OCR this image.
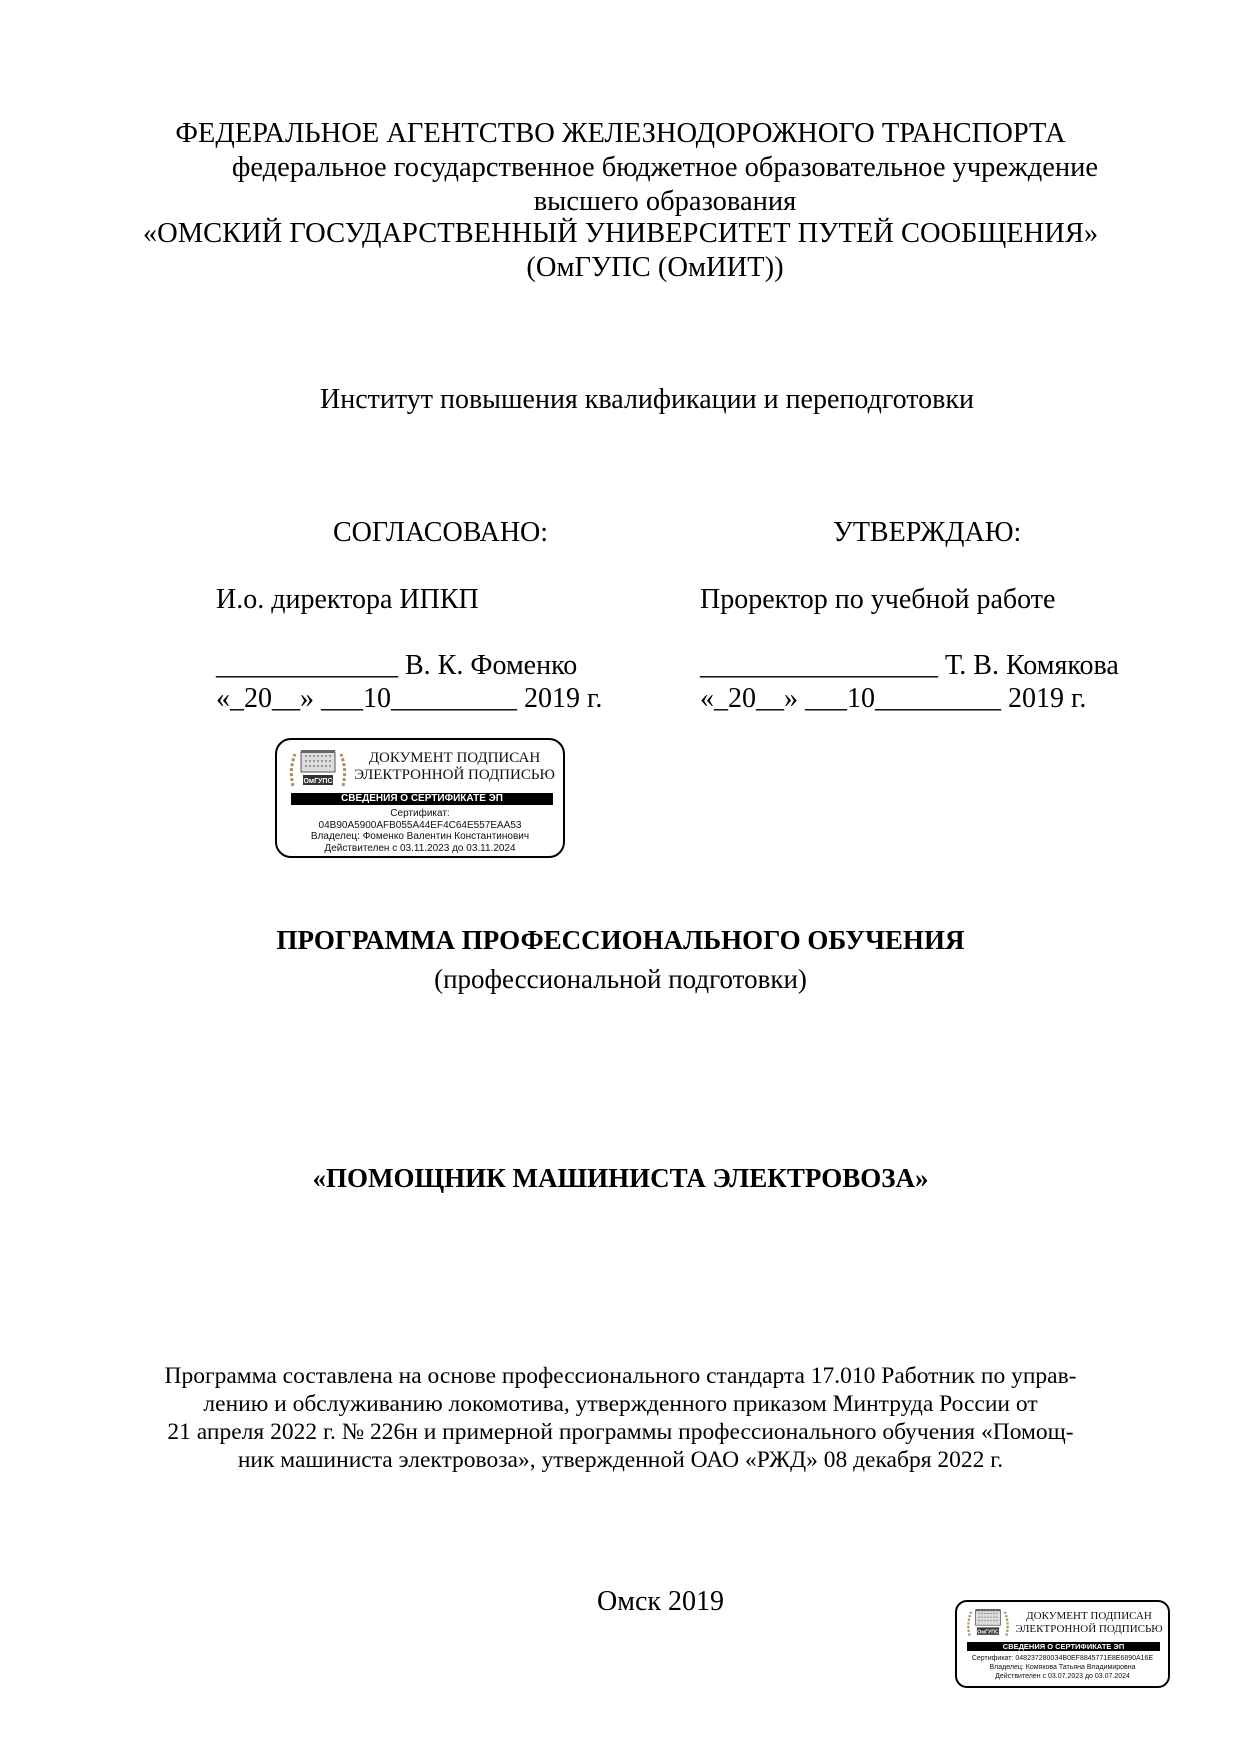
ФЕДЕРАЛЬНОЕ АГЕНТСТВО ЖЕЛЕЗНОДОРОЖНОГО ТРАНСПОРТА
федеральное государственное бюджетное образовательное учреждение
высшего образования
«ОМСКИЙ ГОСУДАРСТВЕННЫЙ УНИВЕРСИТЕТ ПУТЕЙ СООБЩЕНИЯ»
(ОмГУПС (ОмИИТ))
Институт повышения квалификации и переподготовки
СОГЛАСОВАНО:
И.о. директора ИПКП
_____________ В. К. Фоменко
«_20__» ___10_________ 2019 г.
УТВЕРЖДАЮ:
Проректор по учебной работе
_________________ Т. В. Комякова
«_20__» ___10_________ 2019 г.
ОмГУПС
ДОКУМЕНТ ПОДПИСАН
ЭЛЕКТРОННОЙ ПОДПИСЬЮ
СВЕДЕНИЯ О СЕРТИФИКАТЕ ЭП
Сертификат:
04B90A5900AFB055A44EF4C64E557EAA53
Владелец: Фоменко Валентин Константинович
Действителен с 03.11.2023 до 03.11.2024
ПРОГРАММА ПРОФЕССИОНАЛЬНОГО ОБУЧЕНИЯ
(профессиональной подготовки)
«ПОМОЩНИК МАШИНИСТА ЭЛЕКТРОВОЗА»
Программа составлена на основе профессионального стандарта 17.010 Работник по управ-
лению и обслуживанию локомотива, утвержденного приказом Минтруда России от
21 апреля 2022 г. № 226н и примерной программы профессионального обучения «Помощ-
ник машиниста электровоза», утвержденной ОАО «РЖД» 08 декабря 2022 г.
Омск 2019
ОмГУПС
ДОКУМЕНТ ПОДПИСАН
ЭЛЕКТРОННОЙ ПОДПИСЬЮ
СВЕДЕНИЯ О СЕРТИФИКАТЕ ЭП
Сертификат: 0482372800З4B0EF8845771E8E6890A16E
Владелец: Комякова Татьяна Владимировна
Действителен с 03.07.2023 до 03.07.2024
